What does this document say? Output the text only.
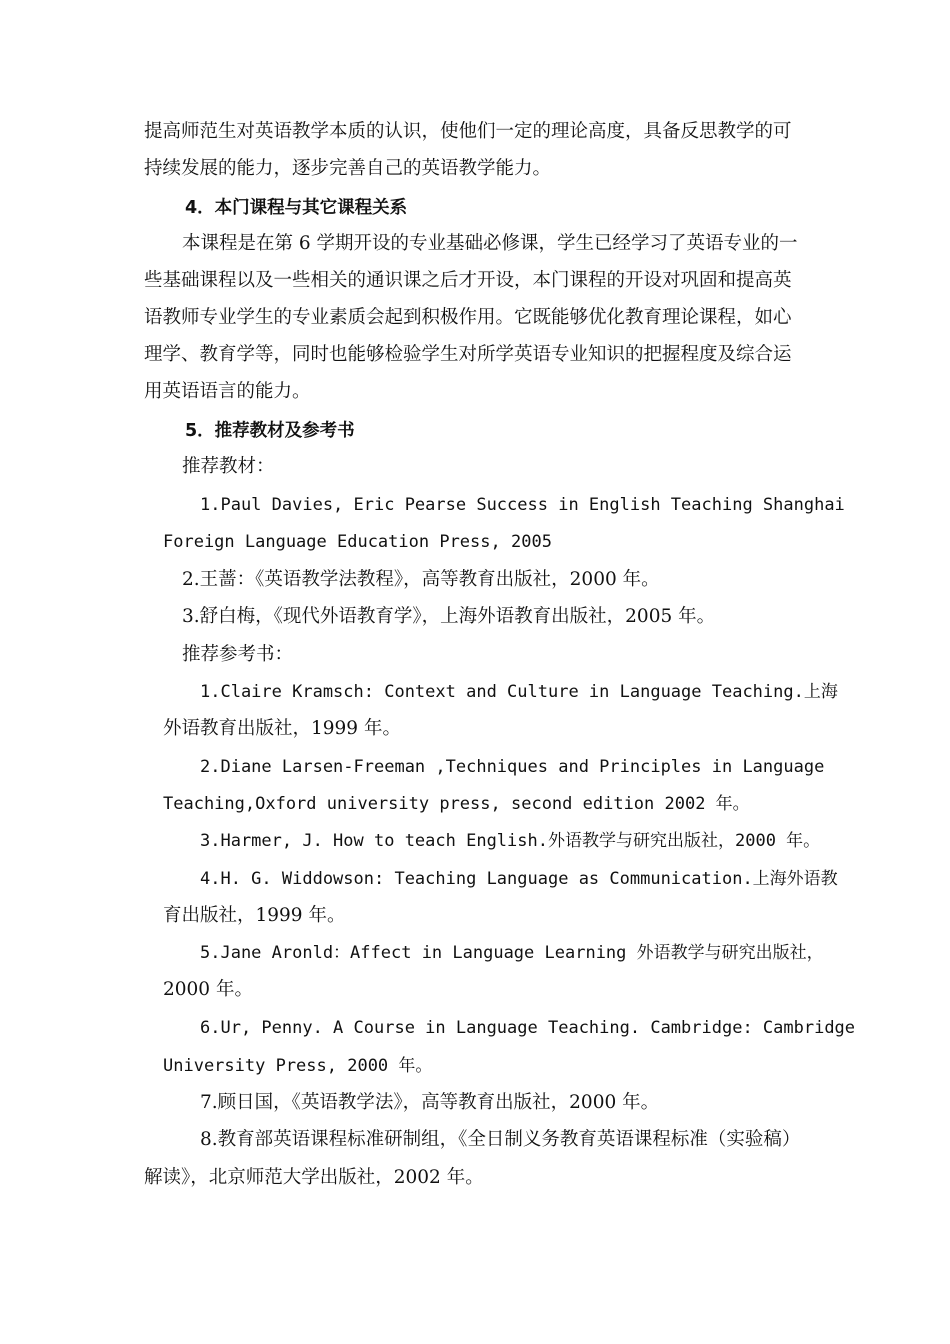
提高师范生对英语教学本质的认识，使他们一定的理论高度，具备反思教学的可
持续发展的能力，逐步完善自己的英语教学能力。
4．本门课程与其它课程关系
本课程是在第 6 学期开设的专业基础必修课，学生已经学习了英语专业的一
些基础课程以及一些相关的通识课之后才开设，本门课程的开设对巩固和提高英
语教师专业学生的专业素质会起到积极作用。它既能够优化教育理论课程，如心
理学、教育学等，同时也能够检验学生对所学英语专业知识的把握程度及综合运
用英语语言的能力。
5．推荐教材及参考书
推荐教材：
1.Paul Davies, Eric Pearse Success in English Teaching Shanghai
Foreign Language Education Press, 2005
2.王蔷：《英语教学法教程》，高等教育出版社，2000 年。
3.舒白梅，《现代外语教育学》，上海外语教育出版社，2005 年。
推荐参考书：
1.Claire Kramsch: Context and Culture in Language Teaching.上海
外语教育出版社，1999 年。
2.Diane Larsen-Freeman ,Techniques and Principles in Language
Teaching,Oxford university press, second edition 2002 年。
3.Harmer, J. How to teach English.外语教学与研究出版社，2000 年。
4.H. G. Widdowson: Teaching Language as Communication.上海外语教
育出版社，1999 年。
5.Jane Aronld：Affect in Language Learning 外语教学与研究出版社，
2000 年。
6.Ur, Penny. A Course in Language Teaching. Cambridge: Cambridge
University Press, 2000 年。
7.顾日国，《英语教学法》，高等教育出版社，2000 年。
8.教育部英语课程标准研制组，《全日制义务教育英语课程标准（实验稿）
解读》，北京师范大学出版社，2002 年。
